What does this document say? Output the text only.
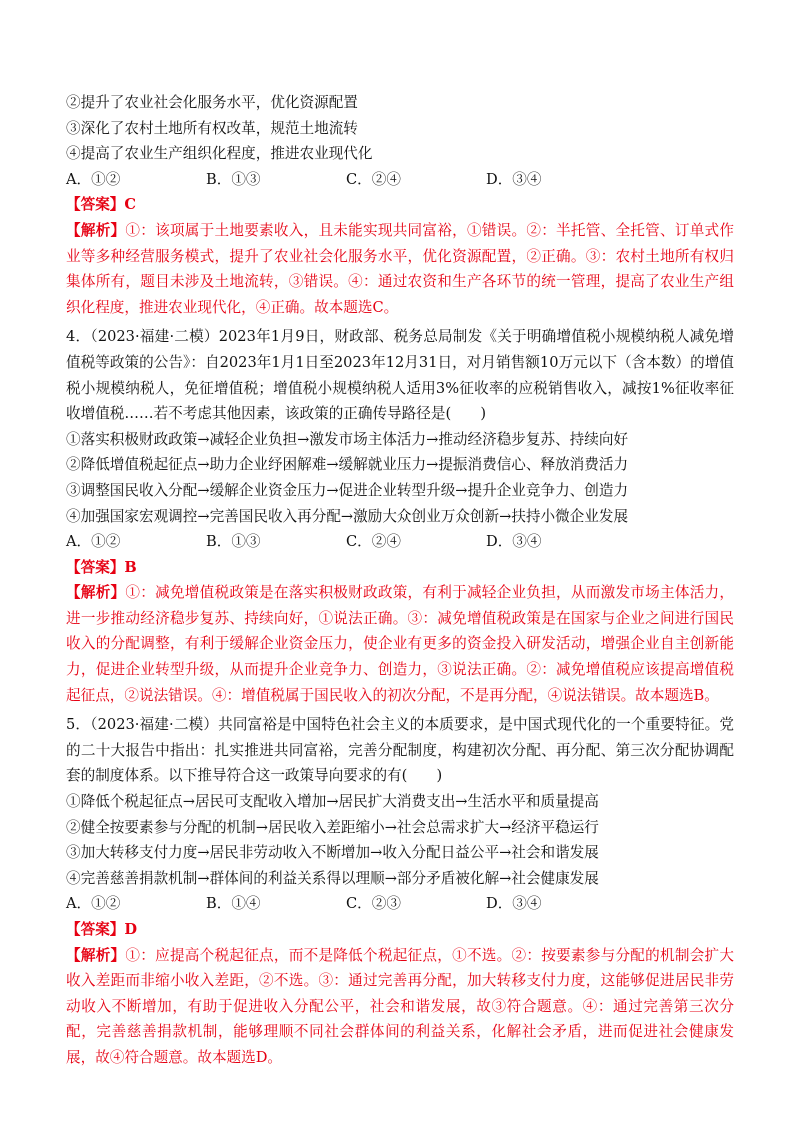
②提升了农业社会化服务水平，优化资源配置
③深化了农村土地所有权改革，规范土地流转
④提高了农业生产组织化程度，推进农业现代化
A．①②	B．①③	C．②④	D．③④
【答案】C
【解析】①：该项属于土地要素收入，且未能实现共同富裕，①错误。②：半托管、全托管、订单式作业等多种经营服务模式，提升了农业社会化服务水平，优化资源配置，②正确。③：农村土地所有权归集体所有，题目未涉及土地流转，③错误。④：通过农资和生产各环节的统一管理，提高了农业生产组织化程度，推进农业现代化，④正确。故本题选C。
4．（2023·福建·二模）2023年1月9日，财政部、税务总局制发《关于明确增值税小规模纳税人减免增值税等政策的公告》：自2023年1月1日至2023年12月31日，对月销售额10万元以下（含本数）的增值税小规模纳税人，免征增值税；增值税小规模纳税人适用3%征收率的应税销售收入，减按1%征收率征收增值税……若不考虑其他因素，该政策的正确传导路径是(　　)
①落实积极财政政策→减轻企业负担→激发市场主体活力→推动经济稳步复苏、持续向好
②降低增值税起征点→助力企业纾困解难→缓解就业压力→提振消费信心、释放消费活力
③调整国民收入分配→缓解企业资金压力→促进企业转型升级→提升企业竞争力、创造力
④加强国家宏观调控→完善国民收入再分配→激励大众创业万众创新→扶持小微企业发展
A．①②	B．①③	C．②④	D．③④
【答案】B
【解析】①：减免增值税政策是在落实积极财政政策，有利于减轻企业负担，从而激发市场主体活力，进一步推动经济稳步复苏、持续向好，①说法正确。③：减免增值税政策是在国家与企业之间进行国民收入的分配调整，有利于缓解企业资金压力，使企业有更多的资金投入研发活动，增强企业自主创新能力，促进企业转型升级，从而提升企业竞争力、创造力，③说法正确。②：减免增值税应该提高增值税起征点，②说法错误。④：增值税属于国民收入的初次分配，不是再分配，④说法错误。故本题选B。
5．（2023·福建·二模）共同富裕是中国特色社会主义的本质要求，是中国式现代化的一个重要特征。党的二十大报告中指出：扎实推进共同富裕，完善分配制度，构建初次分配、再分配、第三次分配协调配套的制度体系。以下推导符合这一政策导向要求的有(　　)
①降低个税起征点→居民可支配收入增加→居民扩大消费支出→生活水平和质量提高
②健全按要素参与分配的机制→居民收入差距缩小→社会总需求扩大→经济平稳运行
③加大转移支付力度→居民非劳动收入不断增加→收入分配日益公平→社会和谐发展
④完善慈善捐款机制→群体间的利益关系得以理顺→部分矛盾被化解→社会健康发展
A．①②	B．①④	C．②③	D．③④
【答案】D
【解析】①：应提高个税起征点，而不是降低个税起征点，①不选。②：按要素参与分配的机制会扩大收入差距而非缩小收入差距，②不选。③：通过完善再分配，加大转移支付力度，这能够促进居民非劳动收入不断增加，有助于促进收入分配公平，社会和谐发展，故③符合题意。④：通过完善第三次分配，完善慈善捐款机制，能够理顺不同社会群体间的利益关系，化解社会矛盾，进而促进社会健康发展，故④符合题意。故本题选D。
